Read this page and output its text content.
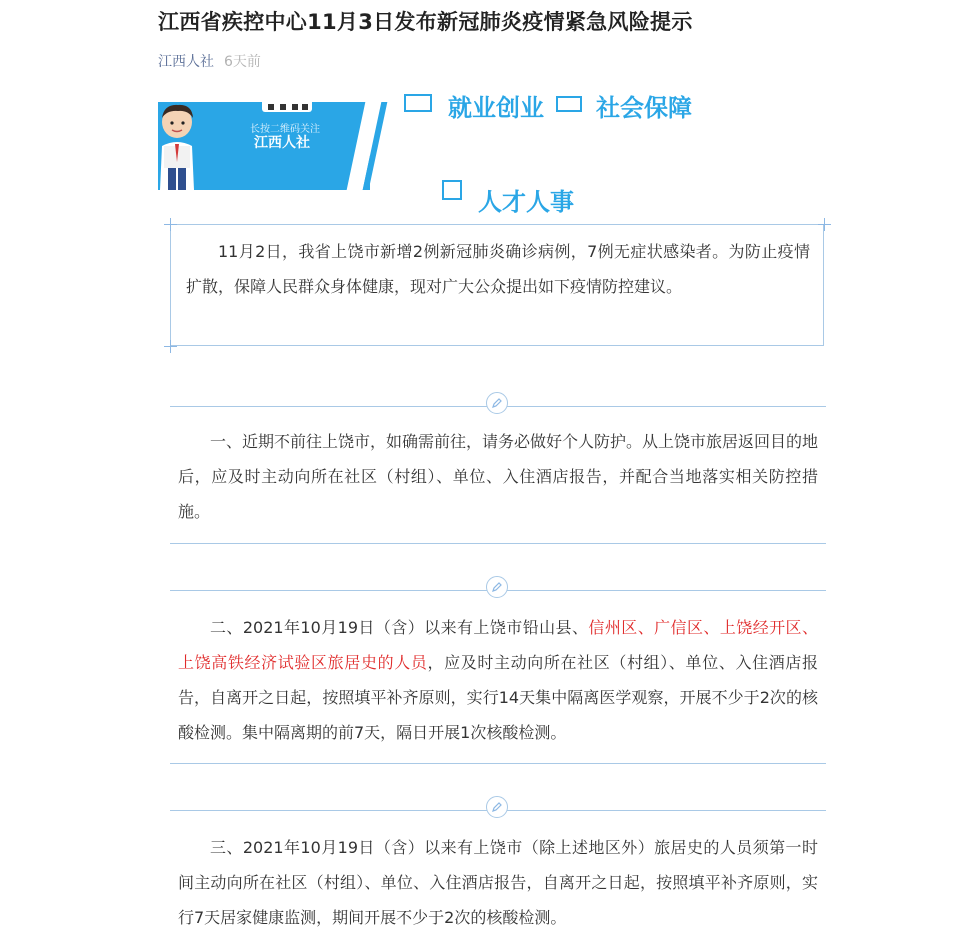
江西省疾控中心11月3日发布新冠肺炎疫情紧急风险提示
江西人社 6天前
长按二维码关注
江西人社
就业创业 社会保障
人才人事
11月2日，我省上饶市新增2例新冠肺炎确诊病例，7例无症状感染者。为防止疫情扩散，保障人民群众身体健康，现对广大公众提出如下疫情防控建议。
一、近期不前往上饶市，如确需前往，请务必做好个人防护。从上饶市旅居返回目的地后，应及时主动向所在社区（村组）、单位、入住酒店报告，并配合当地落实相关防控措施。
二、2021年10月19日（含）以来有上饶市铅山县、信州区、广信区、上饶经开区、上饶高铁经济试验区旅居史的人员，应及时主动向所在社区（村组）、单位、入住酒店报告，自离开之日起，按照填平补齐原则，实行14天集中隔离医学观察，开展不少于2次的核酸检测。集中隔离期的前7天，隔日开展1次核酸检测。
三、2021年10月19日（含）以来有上饶市（除上述地区外）旅居史的人员须第一时间主动向所在社区（村组）、单位、入住酒店报告，自离开之日起，按照填平补齐原则，实行7天居家健康监测，期间开展不少于2次的核酸检测。
